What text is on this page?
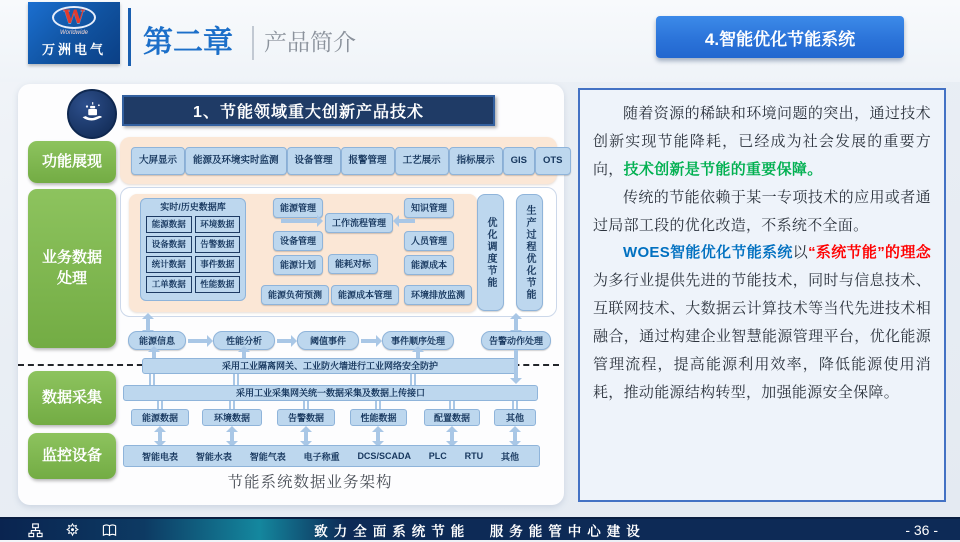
W
Worldwide
万洲电气 第二章 产品简介	4.智能优化节能系统
1、节能领域重大创新产品技术
功能展现
业务数据处理
数据采集
监控设备
大屏显示	能源及环境实时监测	设备管理	报警管理	工艺展示	指标展示	GIS	OTS
实时/历史数据库
能源数据	环境数据
设备数据	告警数据
统计数据	事件数据
工单数据	性能数据
能源管理
设备管理
能源计划
工作流程管理
能耗对标
知识管理
人员管理
能源成本
能源负荷预测	能源成本管理	环境排放监测
优化调度节能	生产过程优化节能
能源信息	性能分析	阈值事件	事件顺序处理	告警动作处理
采用工业隔离网关、工业防火墙进行工业网络安全防护
采用工业采集网关统一数据采集及数据上传接口
能源数据	环境数据	告警数据	性能数据	配置数据	其他
智能电表 智能水表 智能气表 电子称重 DCS/SCADA PLC RTU 其他
节能系统数据业务架构

随着资源的稀缺和环境问题的突出，通过技术创新实现节能降耗，已经成为社会发展的重要方向，技术创新是节能的重要保障。

传统的节能依赖于某一专项技术的应用或者通过局部工段的优化改造，不系统不全面。

WOES智能优化节能系统以“系统节能”的理念为多行业提供先进的节能技术，同时与信息技术、互联网技术、大数据云计算技术等当代先进技术相融合，通过构建企业智慧能源管理平台，优化能源管理流程，提高能源利用效率，降低能源使用消耗，推动能源结构转型，加强能源安全保障。

致力全面系统节能　服务能管中心建设	- 36 -
